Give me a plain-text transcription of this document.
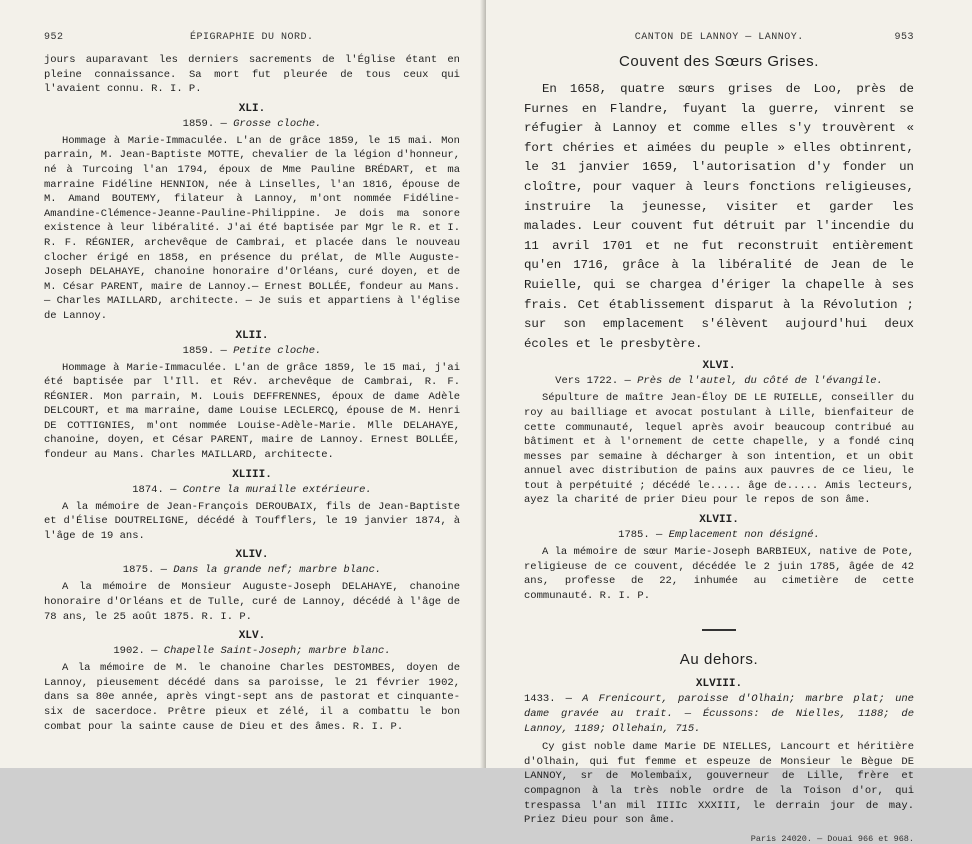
952	ÉPIGRAPHIE DU NORD.

jours auparavant les derniers sacrements de l'Église étant en pleine connaissance. Sa mort fut pleurée de tous ceux qui l'avaient connu. R. I. P.

XLI.
1859. — Grosse cloche.

Hommage à Marie-Immaculée. L'an de grâce 1859, le 15 mai. Mon parrain, M. Jean-Baptiste MOTTE, chevalier de la légion d'honneur, né à Turcoing l'an 1794, époux de Mme Pauline BRÉDART, et ma marraine Fidéline HENNION, née à Linselles, l'an 1816, épouse de M. Amand BOUTEMY, filateur à Lannoy, m'ont nommée Fidéline-Amandine-Clémence-Jeanne-Pauline-Philippine. Je dois ma sonore existence à leur libéralité. J'ai été baptisée par Mgr le R. et I. R. F. RÉGNIER, archevêque de Cambrai, et placée dans le nouveau clocher érigé en 1858, en présence du prélat, de Mlle Auguste-Joseph DELAHAYE, chanoine honoraire d'Orléans, curé doyen, et de M. César PARENT, maire de Lannoy.— Ernest BOLLÉE, fondeur au Mans.— Charles MAILLARD, architecte. — Je suis et appartiens à l'église de Lannoy.

XLII.
1859. — Petite cloche.

Hommage à Marie-Immaculée. L'an de grâce 1859, le 15 mai, j'ai été baptisée par l'Ill. et Rév. archevêque de Cambrai, R. F. RÉGNIER. Mon parrain, M. Louis DEFFRENNES, époux de dame Adèle DELCOURT, et ma marraine, dame Louise LECLERCQ, épouse de M. Henri DE COTTIGNIES, m'ont nommée Louise-Adèle-Marie. Mlle DELAHAYE, chanoine, doyen, et César PARENT, maire de Lannoy. Ernest BOLLÉE, fondeur au Mans. Charles MAILLARD, architecte.

XLIII.
1874. — Contre la muraille extérieure.

A la mémoire de Jean-François DEROUBAIX, fils de Jean-Baptiste et d'Élise DOUTRELIGNE, décédé à Toufflers, le 19 janvier 1874, à l'âge de 19 ans.

XLIV.
1875. — Dans la grande nef; marbre blanc.

A la mémoire de Monsieur Auguste-Joseph DELAHAYE, chanoine honoraire d'Orléans et de Tulle, curé de Lannoy, décédé à l'âge de 78 ans, le 25 août 1875. R. I. P.

XLV.
1902. — Chapelle Saint-Joseph; marbre blanc.

A la mémoire de M. le chanoine Charles DESTOMBES, doyen de Lannoy, pieusement décédé dans sa paroisse, le 21 février 1902, dans sa 80e année, après vingt-sept ans de pastorat et cinquante-six de sacerdoce. Prêtre pieux et zélé, il a combattu le bon combat pour la sainte cause de Dieu et des âmes. R. I. P.

CANTON DE LANNOY — LANNOY.	953
Couvent des Sœurs Grises.

En 1658, quatre sœurs grises de Loo, près de Furnes en Flandre, fuyant la guerre, vinrent se réfugier à Lannoy et comme elles s'y trouvèrent « fort chéries et aimées du peuple » elles obtinrent, le 31 janvier 1659, l'autorisation d'y fonder un cloître, pour vaquer à leurs fonctions religieuses, instruire la jeunesse, visiter et garder les malades. Leur couvent fut détruit par l'incendie du 11 avril 1701 et ne fut reconstruit entièrement qu'en 1716, grâce à la libéralité de Jean de le Ruielle, qui se chargea d'ériger la chapelle à ses frais. Cet établissement disparut à la Révolution ; sur son emplacement s'élèvent aujourd'hui deux écoles et le presbytère.

XLVI.
Vers 1722. — Près de l'autel, du côté de l'évangile.

Sépulture de maître Jean-Éloy DE LE RUIELLE, conseiller du roy au bailliage et avocat postulant à Lille, bienfaiteur de cette communauté, lequel après avoir beaucoup contribué au bâtiment et à l'ornement de cette chapelle, y a fondé cinq messes par semaine à décharger à son intention, et un obit annuel avec distribution de pains aux pauvres de ce lieu, le tout à perpétuité ; décédé le..... âge de..... Amis lecteurs, ayez la charité de prier Dieu pour le repos de son âme.

XLVII.
1785. — Emplacement non désigné.

A la mémoire de sœur Marie-Joseph BARBIEUX, native de Pote, religieuse de ce couvent, décédée le 2 juin 1785, âgée de 42 ans, professe de 22, inhumée au cimetière de cette communauté. R. I. P.

Au dehors.
XLVIII.

1433. — A Frenicourt, paroisse d'Olhain; marbre plat; une dame gravée au trait. — Écussons: de Nielles, 1188; de Lannoy, 1189; Ollehain, 715.

Cy gist noble dame Marie DE NIELLES, Lancourt et héritière d'Olhain, qui fut femme et espeuze de Monsieur le Bègue DE LANNOY, sr de Molembaix, gouverneur de Lille, frère et compagnon à la très noble ordre de la Toison d'or, qui trespassa l'an mil IIIIc XXXIII, le derrain jour de may. Priez Dieu pour son âme.

Paris 24020. — Douai 966 et 968.
